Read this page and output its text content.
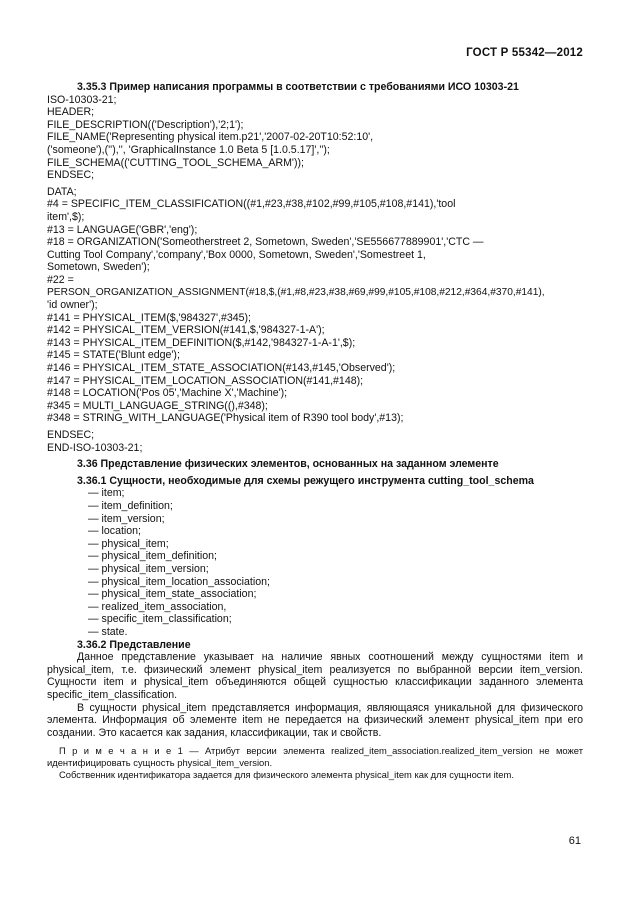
ГОСТ Р 55342—2012

3.35.3 Пример написания программы в соответствии с требованиями ИСО 10303-21

ISO-10303-21;

HEADER;

FILE_DESCRIPTION(('Description'),'2;1');

FILE_NAME('Representing physical item.p21','2007-02-20T10:52:10',

('someone'),(''),'', 'GraphicalInstance 1.0 Beta 5 [1.0.5.17]','');

FILE_SCHEMA(('CUTTING_TOOL_SCHEMA_ARM'));

ENDSEC;

DATA;

#4 = SPECIFIC_ITEM_CLASSIFICATION((#1,#23,#38,#102,#99,#105,#108,#141),'tool

item',$);

#13 = LANGUAGE('GBR','eng');

#18 = ORGANIZATION('Someotherstreet 2, Sometown, Sweden','SE556677889901','CTC —

Cutting Tool Company','company','Box 0000, Sometown, Sweden','Somestreet 1,

Sometown, Sweden');

#22 =

PERSON_ORGANIZATION_ASSIGNMENT(#18,$,(#1,#8,#23,#38,#69,#99,#105,#108,#212,#364,#370,#141),

'id owner');

#141 = PHYSICAL_ITEM($,'984327',#345);

#142 = PHYSICAL_ITEM_VERSION(#141,$,'984327-1-A');

#143 = PHYSICAL_ITEM_DEFINITION($,#142,'984327-1-A-1',$);

#145 = STATE('Blunt edge');

#146 = PHYSICAL_ITEM_STATE_ASSOCIATION(#143,#145,'Observed');

#147 = PHYSICAL_ITEM_LOCATION_ASSOCIATION(#141,#148);

#148 = LOCATION('Pos 05','Machine X','Machine');

#345 = MULTI_LANGUAGE_STRING((),#348);

#348 = STRING_WITH_LANGUAGE('Physical item of R390 tool body',#13);

ENDSEC;

END-ISO-10303-21;

3.36 Представление физических элементов, основанных на заданном элементе

3.36.1 Сущности, необходимые для схемы режущего инструмента cutting_tool_schema

— item;

— item_definition;

— item_version;

— location;

— physical_item;

— physical_item_definition;

— physical_item_version;

— physical_item_location_association;

— physical_item_state_association;

— realized_item_association,

— specific_item_classification;

— state.

3.36.2 Представление

Данное представление указывает на наличие явных соотношений между сущностями item и physical_item, т.е. физический элемент physical_item реализуется по выбранной версии item_version. Сущности item и physical_item объединяются общей сущностью классификации заданного элемента specific_item_classification.

В сущности physical_item представляется информация, являющаяся уникальной для физического элемента. Информация об элементе item не передается на физический элемент physical_item при его создании. Это касается как задания, классификации, так и свойств.

П р и м е ч а н и е 1 — Атрибут версии элемента realized_item_association.realized_item_version не может идентифицировать сущность physical_item_version.

Собственник идентификатора задается для физического элемента physical_item как для сущности item.

61
